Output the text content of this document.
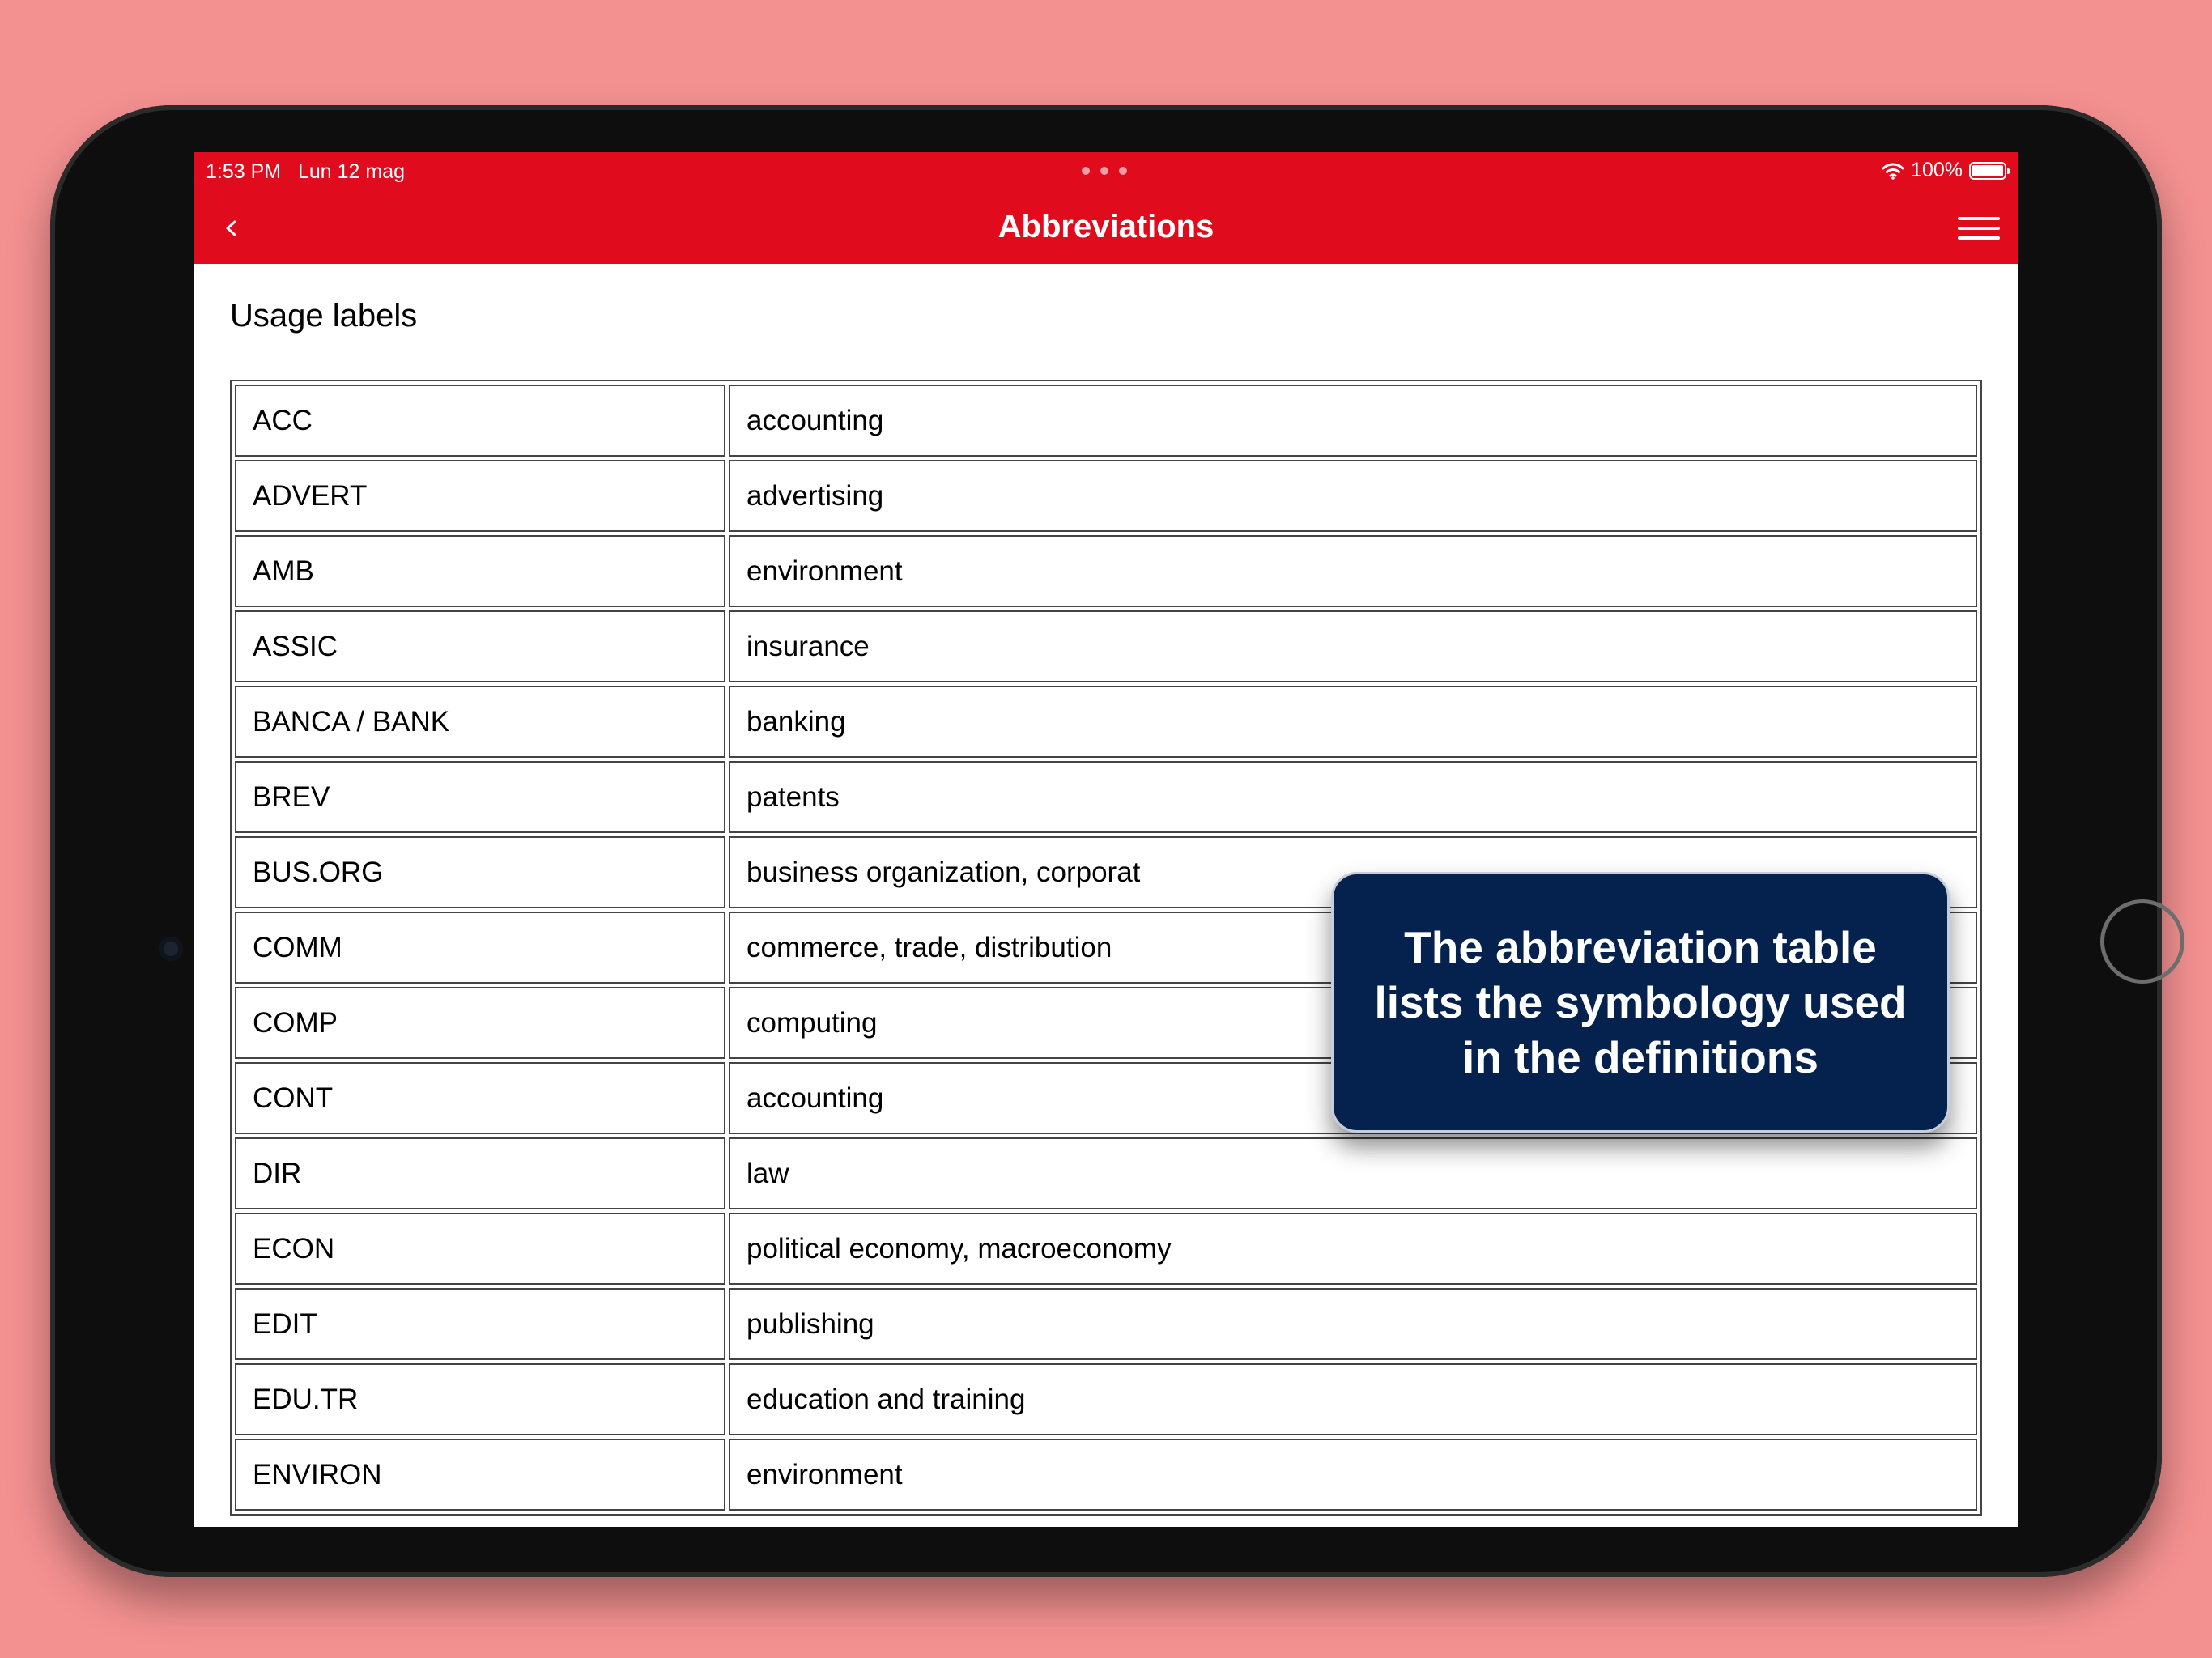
1:53 PM Lun 12 mag	100%
Abbreviations
Usage labels
ACC	accounting
ADVERT	advertising
AMB	environment
ASSIC	insurance
BANCA / BANK	banking
BREV	patents
BUS.ORG	business organization, corporat
COMM	commerce, trade, distribution
COMP	computing
CONT	accounting
DIR	law
ECON	political economy, macroeconomy
EDIT	publishing
EDU.TR	education and training
ENVIRON	environment
The abbreviation table lists the symbology used in the definitions
